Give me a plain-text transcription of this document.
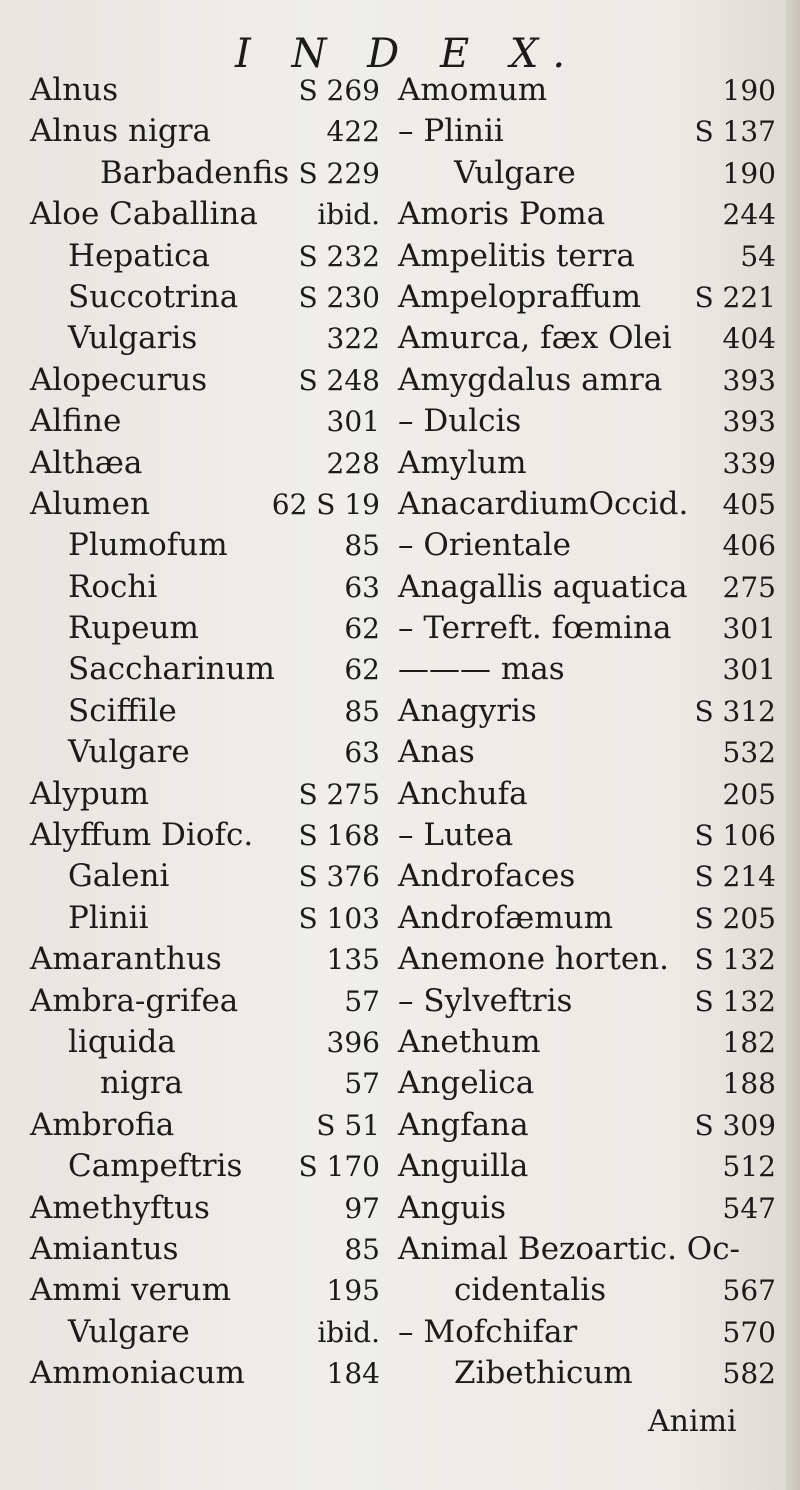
I N D E X.
Alnus	S 269
Alnus nigra	422
Barbadenfis S 229
Aloe Caballina ibid.
Hepatica	S 232
Succotrina S 230
Vulgaris	322
Alopecurus	S 248
Alfine	301
Althæa	228
Alumen	62 S 19
Plumofum	85
Rochi	63
Rupeum	62
Saccharinum 62
Sciffile	85
Vulgare	63
Alypum	S 275
Alyffum Diofc. S 168
Galeni	S 376
Plinii	S 103
Amaranthus	135
Ambra-grifea	57
liquida	396
nigra	57
Ambrofia	S 51
Campeftris S 170
Amethyftus	97
Amiantus	85
Ammi verum	195
Vulgare	ibid.
Ammoniacum	184
Amomum	190
– Plinii	S 137
Vulgare	190
Amoris Poma	244
Ampelitis terra	54
Ampelopraffum S 221
Amurca, fæx Olei 404
Amygdalus amra 393
– Dulcis	393
Amylum	339
AnacardiumOccid. 405
– Orientale	406
Anagallis aquatica 275
– Terreft. fœmina 301
——— mas	301
Anagyris	S 312
Anas	532
Anchufa	205
– Lutea	S 106
Androfaces	S 214
Androfæmum	S 205
Anemone horten. S 132
– Sylveftris	S 132
Anethum	182
Angelica	188
Angfana	S 309
Anguilla	512
Anguis	547
Animal Bezoartic. Oc-
cidentalis	567
– Mofchifar	570
Zibethicum	582
Animi
